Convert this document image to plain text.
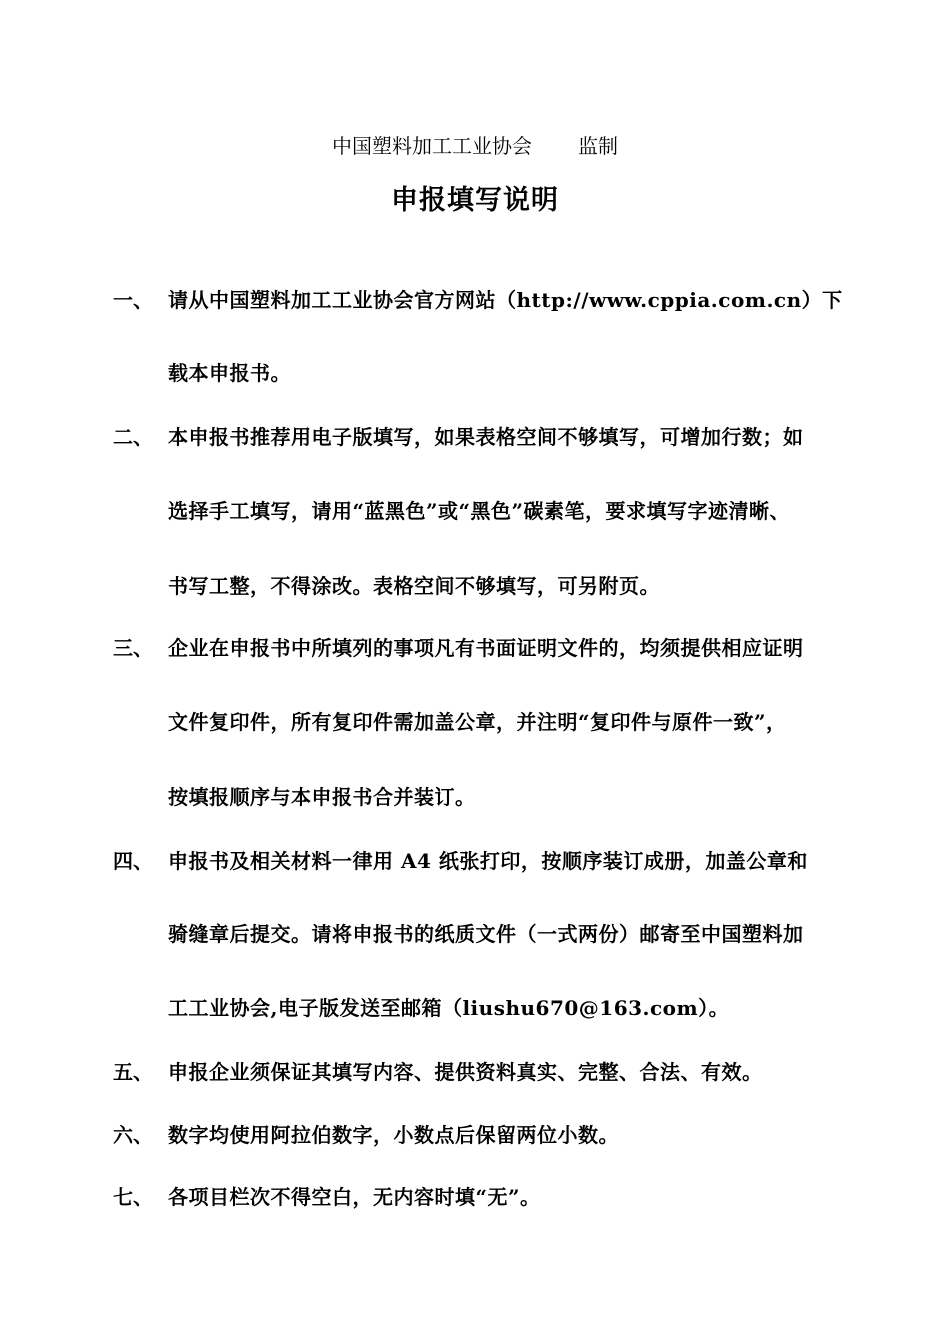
中国塑料加工工业协会 监制
申报填写说明
一、 请从中国塑料加工工业协会官方网站（http://www.cppia.com.cn）下
载本申报书。
二、 本申报书推荐用电子版填写，如果表格空间不够填写，可增加行数；如
选择手工填写，请用“蓝黑色”或“黑色”碳素笔，要求填写字迹清晰、
书写工整，不得涂改。表格空间不够填写，可另附页。
三、 企业在申报书中所填列的事项凡有书面证明文件的，均须提供相应证明
文件复印件，所有复印件需加盖公章，并注明“复印件与原件一致”，
按填报顺序与本申报书合并装订。
四、 申报书及相关材料一律用 A4 纸张打印，按顺序装订成册，加盖公章和
骑缝章后提交。请将申报书的纸质文件（一式两份）邮寄至中国塑料加
工工业协会,电子版发送至邮箱（liushu670@163.com）。
五、 申报企业须保证其填写内容、提供资料真实、完整、合法、有效。
六、 数字均使用阿拉伯数字，小数点后保留两位小数。
七、 各项目栏次不得空白，无内容时填“无”。
